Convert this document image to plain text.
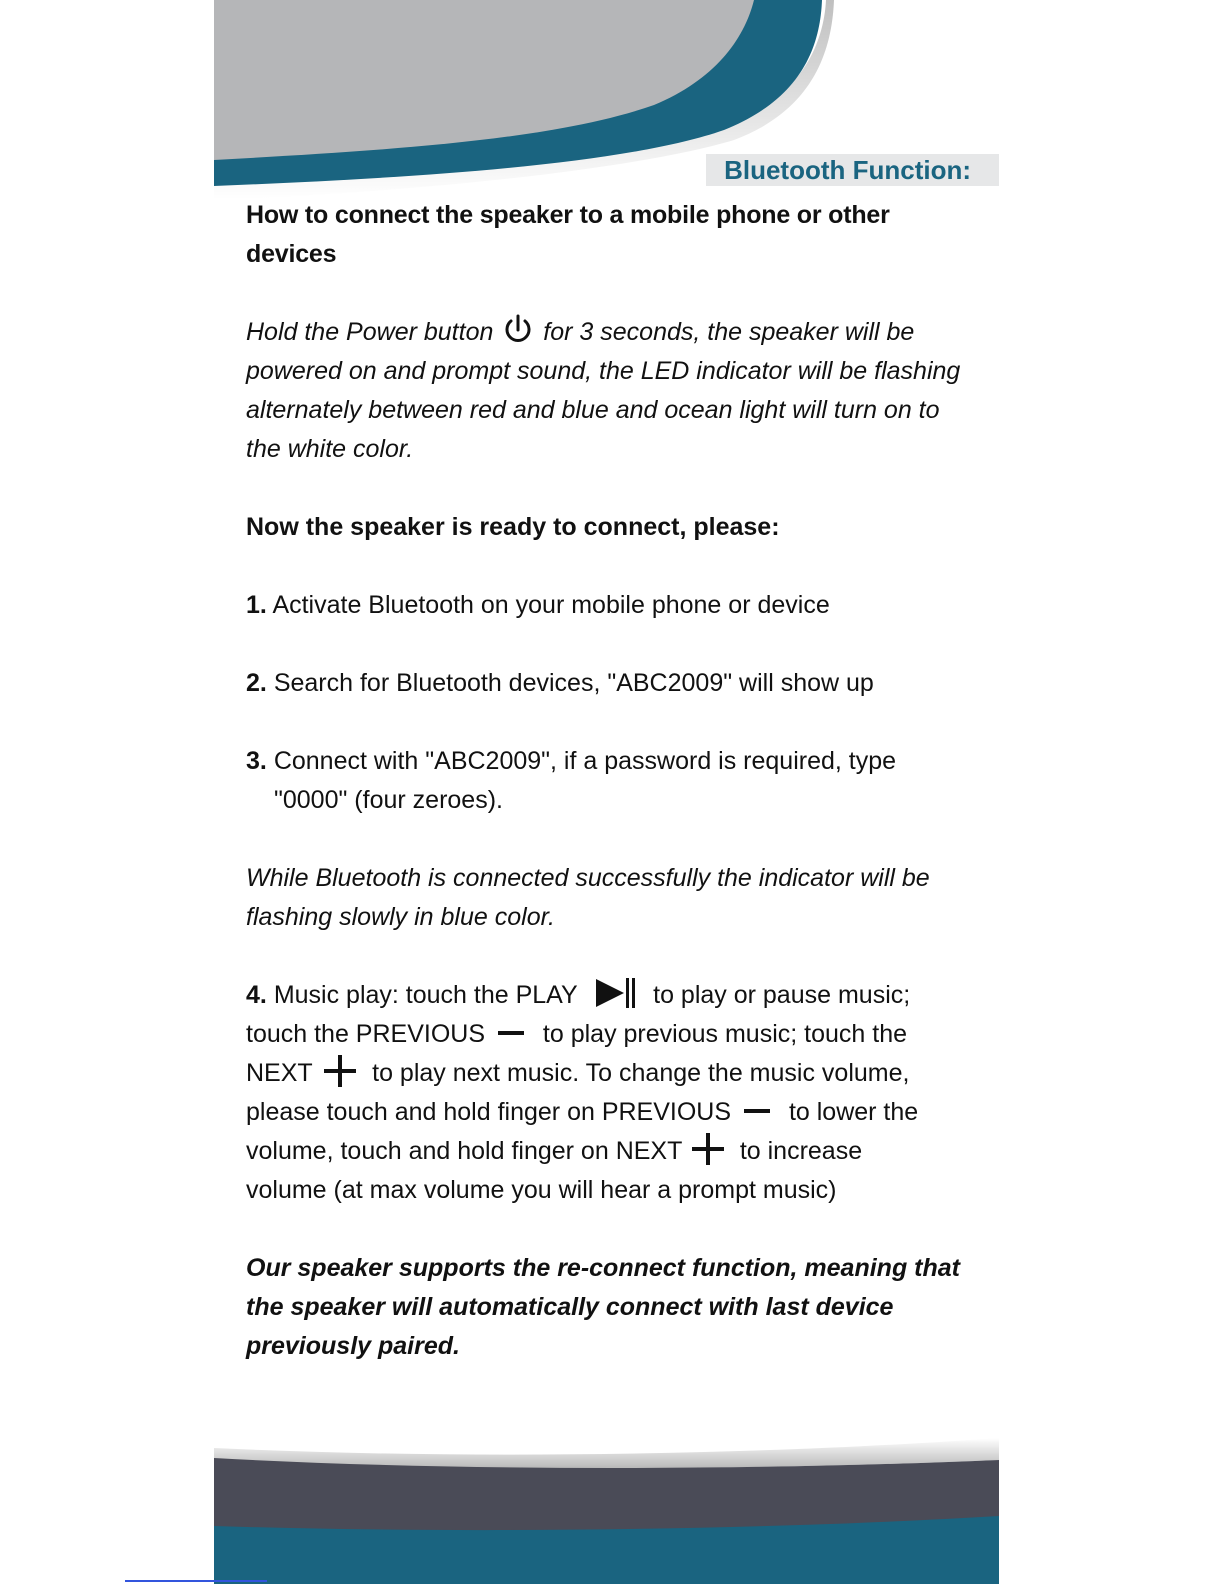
Bluetooth Function:

How to connect the speaker to a mobile phone or other devices

Hold the Power button for 3 seconds, the speaker will be
powered on and prompt sound, the LED indicator will be flashing
alternately between red and blue and ocean light will turn on to
the white color.

Now the speaker is ready to connect, please:

1. Activate Bluetooth on your mobile phone or device

2. Search for Bluetooth devices, "ABC2009" will show up

3. Connect with "ABC2009", if a password is required, type
"0000" (four zeroes).

While Bluetooth is connected successfully the indicator will be
flashing slowly in blue color.

4. Music play: touch the PLAY	to play or pause music;
touch the PREVIOUS to play previous music; touch the
NEXT to play next music. To change the music volume,
please touch and hold finger on PREVIOUS to lower the
volume, touch and hold finger on NEXT to increase
volume (at max volume you will hear a prompt music)

Our speaker supports the re-connect function, meaning that
the speaker will automatically connect with last device
previously paired.
